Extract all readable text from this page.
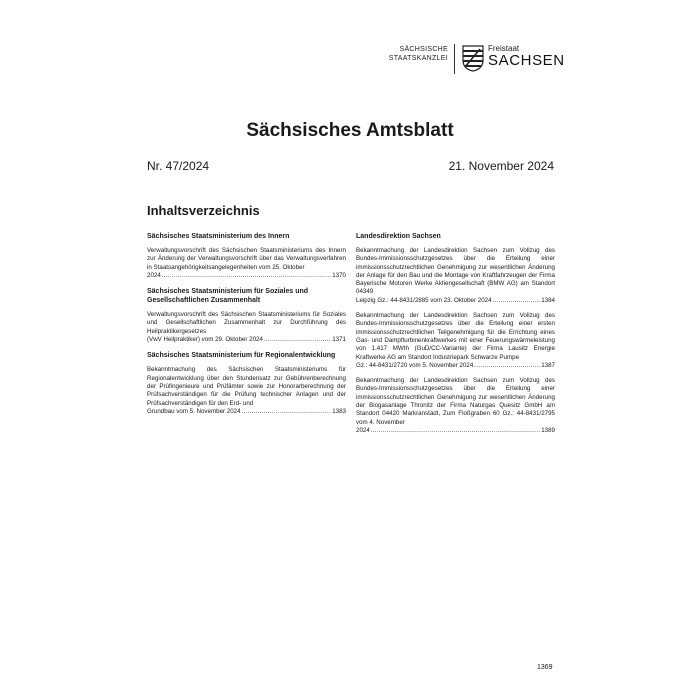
SÄCHSISCHE
STAATSKANZLEI
Freistaat
SACHSEN
Sächsisches Amtsblatt
Nr. 47/2024	21. November 2024
Inhaltsverzeichnis
Sächsisches Staatsministerium des Innern
Verwaltungsvorschrift des Sächsischen Staatsministeriums des Innern zur Änderung der Verwaltungsvorschrift über das Verwaltungsverfahren in Staatsangehörigkeitsangelegenheiten vom 25. Oktober
2024 .....	1370
Sächsisches Staatsministerium für Soziales und Gesellschaftlichen Zusammenhalt
Verwaltungsvorschrift des Sächsischen Staatsministeriums für Soziales und Gesellschaftlichen Zusammenhalt zur Durchführung des Heilpraktikergesetzes
(VwV Heilpraktiker) vom 29. Oktober 2024 .....	1371
Sächsisches Staatsministerium für Regionalentwicklung
Bekanntmachung des Sächsischen Staatsministeriums für Regionalentwicklung über den Stundensatz zur Gebührenberechnung der Prüfingenieure und Prüfämter sowie zur Honorarberechnung der Prüfsachverständigen für die Prüfung technischer Anlagen und der Prüfsachverständigen für den Erd- und
Grundbau vom 5. November 2024 .....	1383
Landesdirektion Sachsen
Bekanntmachung der Landesdirektion Sachsen zum Vollzug des Bundes-Immissionsschutzgesetzes über die Erteilung einer immissionsschutzrechtlichen Genehmigung zur wesentlichen Änderung der Anlage für den Bau und die Montage von Kraftfahrzeugen der Firma Bayerische Motoren Werke Aktiengesellschaft (BMW AG) am Standort 04349
Leipzig Gz.: 44-8431/2885 vom 23. Oktober 2024 .....	1384
Bekanntmachung der Landesdirektion Sachsen zum Vollzug des Bundes-Immissionsschutzgesetzes über die Erteilung einer ersten immissionsschutzrechtlichen Teilgenehmigung für die Errichtung eines Gas- und Dampfturbinenkraftwerkes mit einer Feuerungswärmeleistung von 1.417 MWth (GuD/CC-Variante) der Firma Lausitz Energie Kraftwerke AG am Standort Industriepark Schwarze Pumpe
Gz.: 44-8431/2720 vom 5. November 2024 .....	1387
Bekanntmachung der Landesdirektion Sachsen zum Vollzug des Bundes-Immissionsschutzgesetzes über die Erteilung einer immissionsschutzrechtlichen Genehmigung zur wesentlichen Änderung der Biogasanlage Thronitz der Firma Naturgas Quesitz GmbH am Standort 04420 Markranstädt, Zum Floßgraben 60 Gz.: 44-8431/2795 vom 4. November
2024 .....	1389
1369
